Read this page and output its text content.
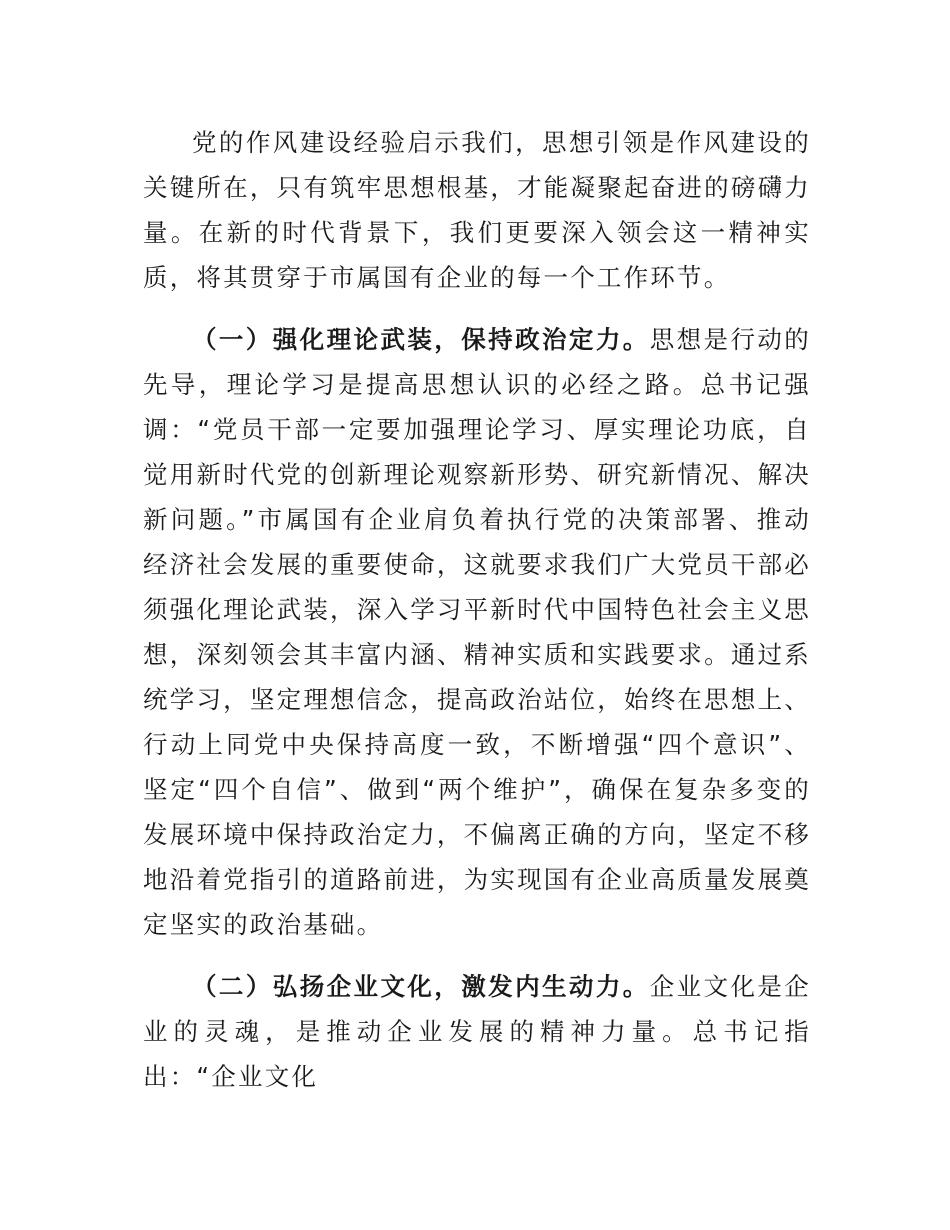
党的作风建设经验启示我们，思想引领是作风建设的关键所在，只有筑牢思想根基，才能凝聚起奋进的磅礴力量。在新的时代背景下，我们更要深入领会这一精神实质，将其贯穿于市属国有企业的每一个工作环节。

（一）强化理论武装，保持政治定力。思想是行动的先导，理论学习是提高思想认识的必经之路。总书记强调：“党员干部一定要加强理论学习、厚实理论功底，自觉用新时代党的创新理论观察新形势、研究新情况、解决新问题。”市属国有企业肩负着执行党的决策部署、推动经济社会发展的重要使命，这就要求我们广大党员干部必须强化理论武装，深入学习平新时代中国特色社会主义思想，深刻领会其丰富内涵、精神实质和实践要求。通过系统学习，坚定理想信念，提高政治站位，始终在思想上、行动上同党中央保持高度一致，不断增强“四个意识”、坚定“四个自信”、做到“两个维护”，确保在复杂多变的发展环境中保持政治定力，不偏离正确的方向，坚定不移地沿着党指引的道路前进，为实现国有企业高质量发展奠定坚实的政治基础。

（二）弘扬企业文化，激发内生动力。企业文化是企业的灵魂，是推动企业发展的精神力量。总书记指出：“企业文化
